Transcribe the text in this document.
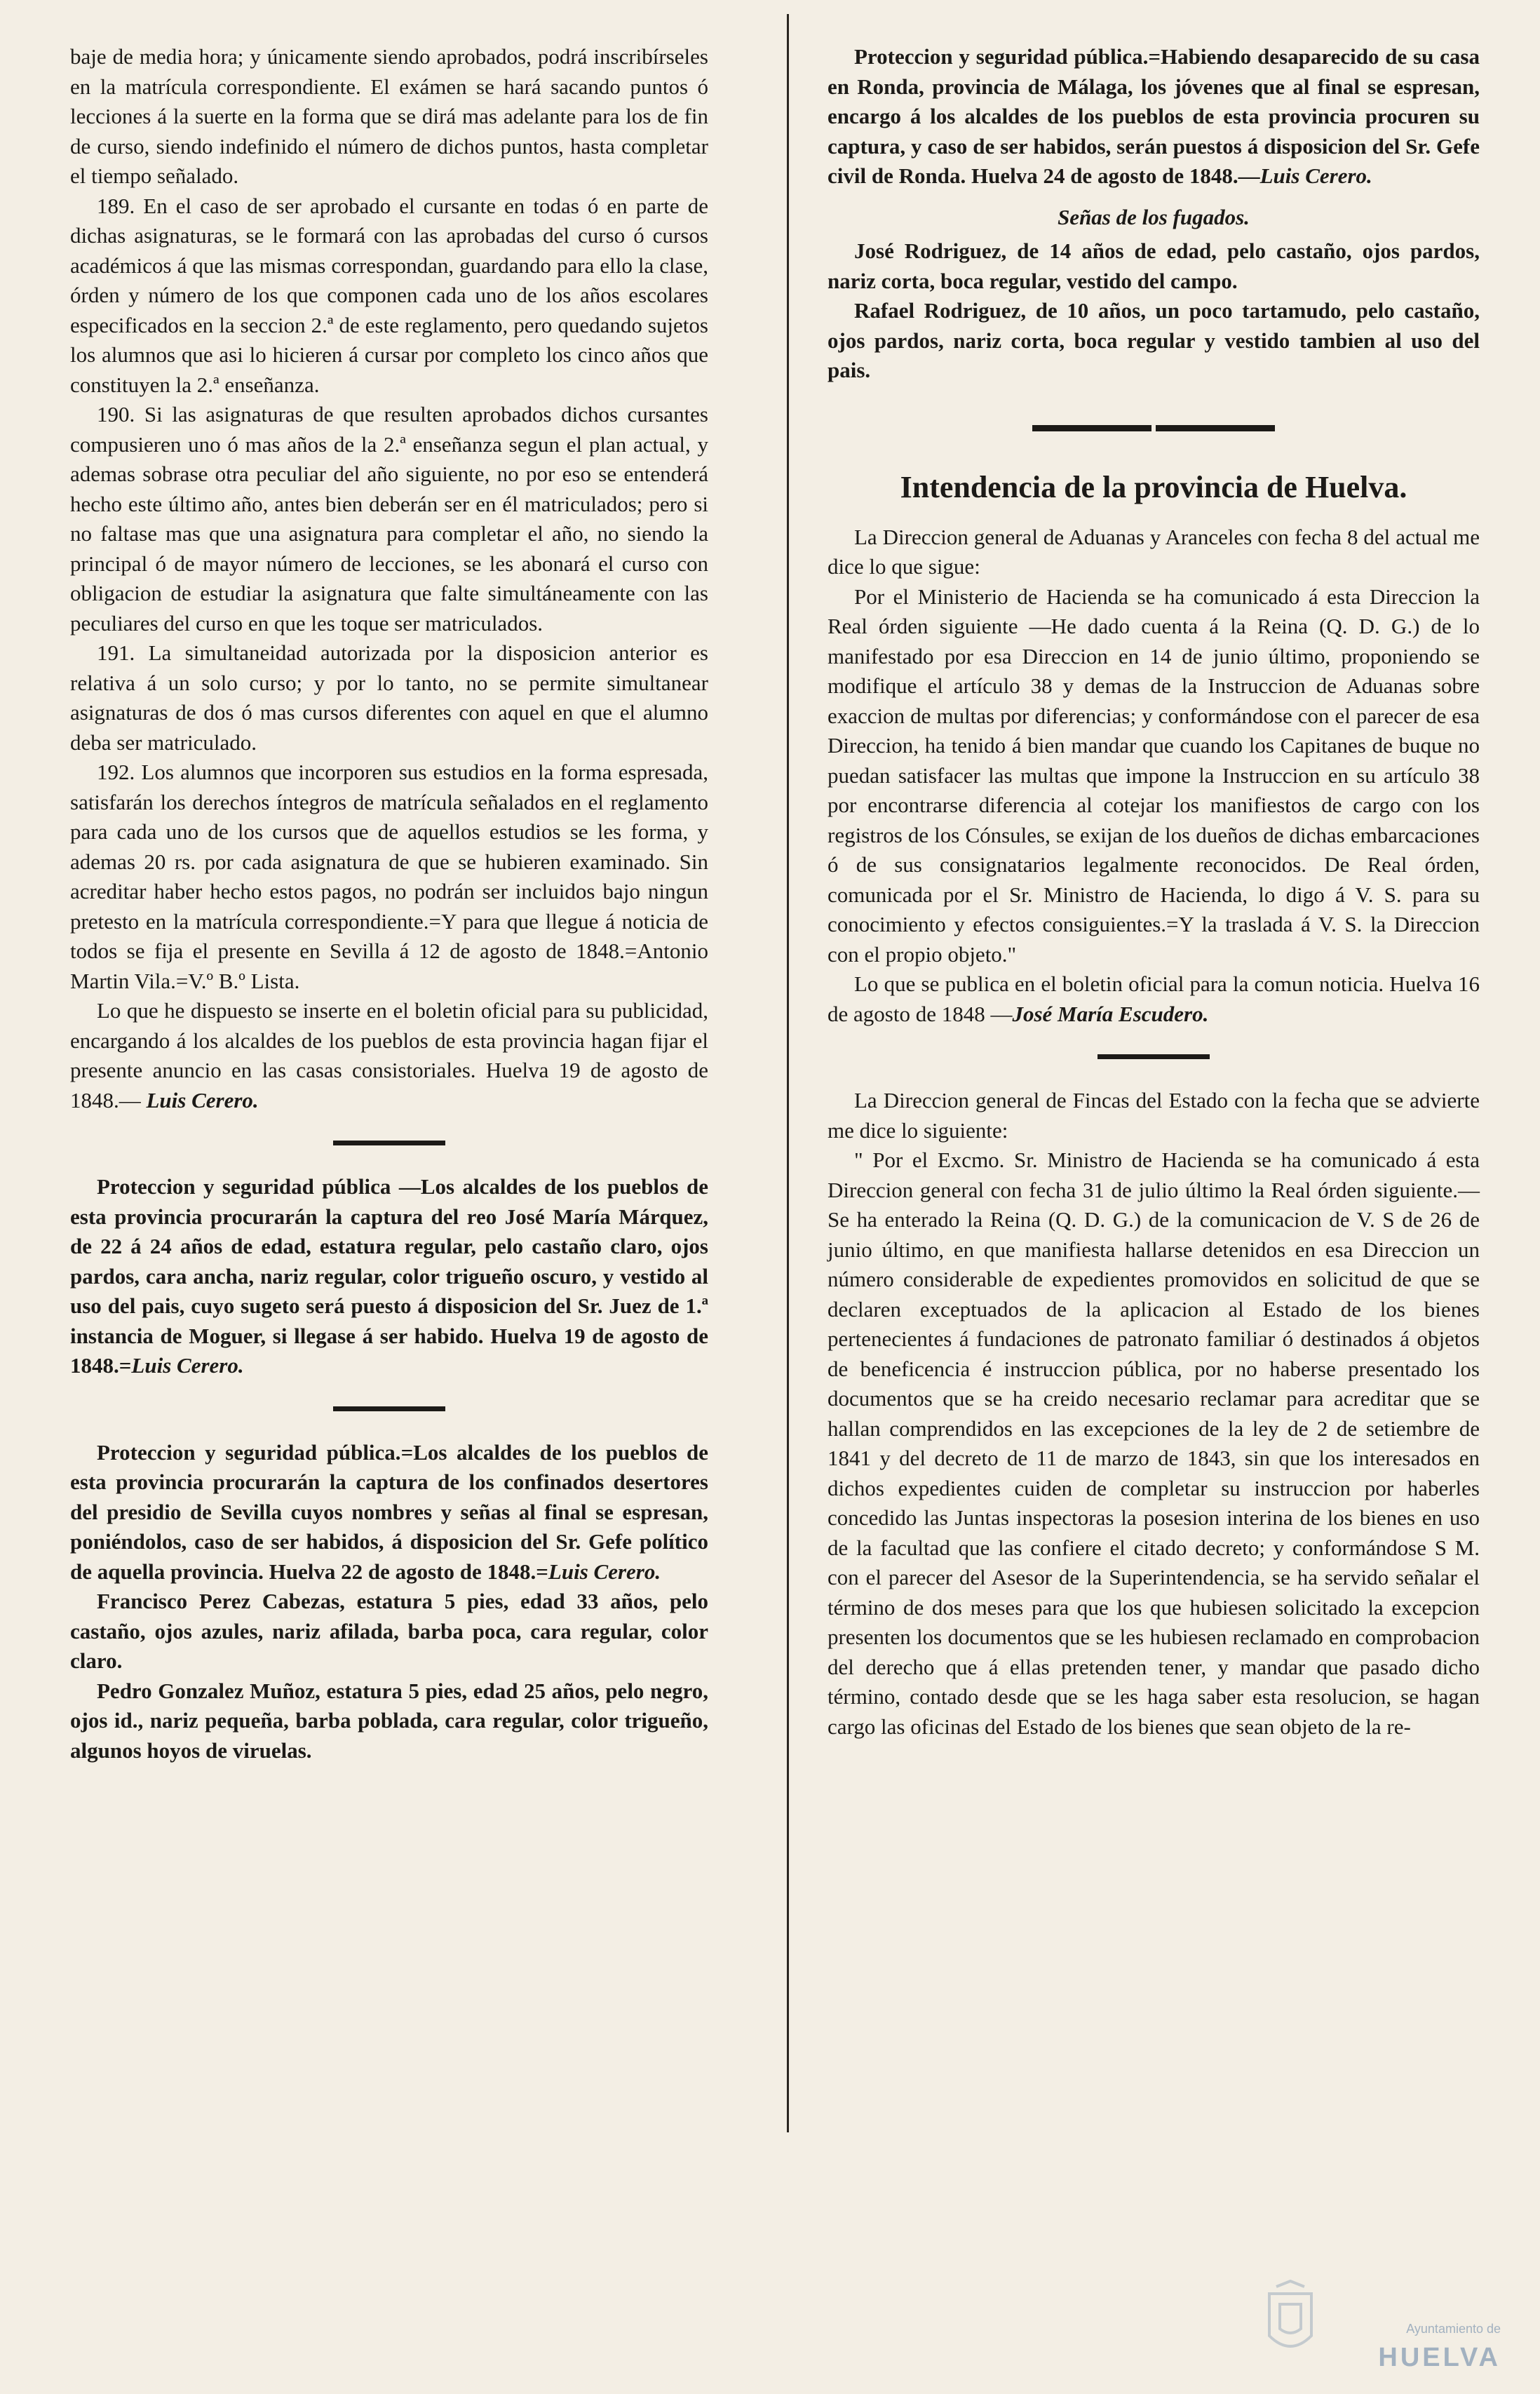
baje de media hora; y únicamente siendo aprobados, podrá inscribírseles en la matrícula correspondiente. El exámen se hará sacando puntos ó lecciones á la suerte en la forma que se dirá mas adelante para los de fin de curso, siendo indefinido el número de dichos puntos, hasta completar el tiempo señalado.

189. En el caso de ser aprobado el cursante en todas ó en parte de dichas asignaturas, se le formará con las aprobadas del curso ó cursos académicos á que las mismas correspondan, guardando para ello la clase, órden y número de los que componen cada uno de los años escolares especificados en la seccion 2.ª de este reglamento, pero quedando sujetos los alumnos que asi lo hicieren á cursar por completo los cinco años que constituyen la 2.ª enseñanza.

190. Si las asignaturas de que resulten aprobados dichos cursantes compusieren uno ó mas años de la 2.ª enseñanza segun el plan actual, y ademas sobrase otra peculiar del año siguiente, no por eso se entenderá hecho este último año, antes bien deberán ser en él matriculados; pero si no faltase mas que una asignatura para completar el año, no siendo la principal ó de mayor número de lecciones, se les abonará el curso con obligacion de estudiar la asignatura que falte simultáneamente con las peculiares del curso en que les toque ser matriculados.

191. La simultaneidad autorizada por la disposicion anterior es relativa á un solo curso; y por lo tanto, no se permite simultanear asignaturas de dos ó mas cursos diferentes con aquel en que el alumno deba ser matriculado.

192. Los alumnos que incorporen sus estudios en la forma espresada, satisfarán los derechos íntegros de matrícula señalados en el reglamento para cada uno de los cursos que de aquellos estudios se les forma, y ademas 20 rs. por cada asignatura de que se hubieren examinado. Sin acreditar haber hecho estos pagos, no podrán ser incluidos bajo ningun pretesto en la matrícula correspondiente.=Y para que llegue á noticia de todos se fija el presente en Sevilla á 12 de agosto de 1848.=Antonio Martin Vila.=V.º B.º Lista.

Lo que he dispuesto se inserte en el boletin oficial para su publicidad, encargando á los alcaldes de los pueblos de esta provincia hagan fijar el presente anuncio en las casas consistoriales. Huelva 19 de agosto de 1848.— Luis Cerero.

Proteccion y seguridad pública —Los alcaldes de los pueblos de esta provincia procurarán la captura del reo José María Márquez, de 22 á 24 años de edad, estatura regular, pelo castaño claro, ojos pardos, cara ancha, nariz regular, color trigueño oscuro, y vestido al uso del pais, cuyo sugeto será puesto á disposicion del Sr. Juez de 1.ª instancia de Moguer, si llegase á ser habido. Huelva 19 de agosto de 1848.=Luis Cerero.

Proteccion y seguridad pública.=Los alcaldes de los pueblos de esta provincia procurarán la captura de los confinados desertores del presidio de Sevilla cuyos nombres y señas al final se espresan, poniéndolos, caso de ser habidos, á disposicion del Sr. Gefe político de aquella provincia. Huelva 22 de agosto de 1848.=Luis Cerero.

Francisco Perez Cabezas, estatura 5 pies, edad 33 años, pelo castaño, ojos azules, nariz afilada, barba poca, cara regular, color claro.

Pedro Gonzalez Muñoz, estatura 5 pies, edad 25 años, pelo negro, ojos id., nariz pequeña, barba poblada, cara regular, color trigueño, algunos hoyos de viruelas.

Proteccion y seguridad pública.=Habiendo desaparecido de su casa en Ronda, provincia de Málaga, los jóvenes que al final se espresan, encargo á los alcaldes de los pueblos de esta provincia procuren su captura, y caso de ser habidos, serán puestos á disposicion del Sr. Gefe civil de Ronda. Huelva 24 de agosto de 1848.—Luis Cerero.

Señas de los fugados.

José Rodriguez, de 14 años de edad, pelo castaño, ojos pardos, nariz corta, boca regular, vestido del campo.

Rafael Rodriguez, de 10 años, un poco tartamudo, pelo castaño, ojos pardos, nariz corta, boca regular y vestido tambien al uso del pais.

Intendencia de la provincia de Huelva.

La Direccion general de Aduanas y Aranceles con fecha 8 del actual me dice lo que sigue:

Por el Ministerio de Hacienda se ha comunicado á esta Direccion la Real órden siguiente —He dado cuenta á la Reina (Q. D. G.) de lo manifestado por esa Direccion en 14 de junio último, proponiendo se modifique el artículo 38 y demas de la Instruccion de Aduanas sobre exaccion de multas por diferencias; y conformándose con el parecer de esa Direccion, ha tenido á bien mandar que cuando los Capitanes de buque no puedan satisfacer las multas que impone la Instruccion en su artículo 38 por encontrarse diferencia al cotejar los manifiestos de cargo con los registros de los Cónsules, se exijan de los dueños de dichas embarcaciones ó de sus consignatarios legalmente reconocidos. De Real órden, comunicada por el Sr. Ministro de Hacienda, lo digo á V. S. para su conocimiento y efectos consiguientes.=Y la traslada á V. S. la Direccion con el propio objeto."

Lo que se publica en el boletin oficial para la comun noticia. Huelva 16 de agosto de 1848 —José María Escudero.

La Direccion general de Fincas del Estado con la fecha que se advierte me dice lo siguiente:

" Por el Excmo. Sr. Ministro de Hacienda se ha comunicado á esta Direccion general con fecha 31 de julio último la Real órden siguiente.—Se ha enterado la Reina (Q. D. G.) de la comunicacion de V. S de 26 de junio último, en que manifiesta hallarse detenidos en esa Direccion un número considerable de expedientes promovidos en solicitud de que se declaren exceptuados de la aplicacion al Estado de los bienes pertenecientes á fundaciones de patronato familiar ó destinados á objetos de beneficencia é instruccion pública, por no haberse presentado los documentos que se ha creido necesario reclamar para acreditar que se hallan comprendidos en las excepciones de la ley de 2 de setiembre de 1841 y del decreto de 11 de marzo de 1843, sin que los interesados en dichos expedientes cuiden de completar su instruccion por haberles concedido las Juntas inspectoras la posesion interina de los bienes en uso de la facultad que las confiere el citado decreto; y conformándose S M. con el parecer del Asesor de la Superintendencia, se ha servido señalar el término de dos meses para que los que hubiesen solicitado la excepcion presenten los documentos que se les hubiesen reclamado en comprobacion del derecho que á ellas pretenden tener, y mandar que pasado dicho término, contado desde que se les haga saber esta resolucion, se hagan cargo las oficinas del Estado de los bienes que sean objeto de la re-

Ayuntamiento de
HUELVA
